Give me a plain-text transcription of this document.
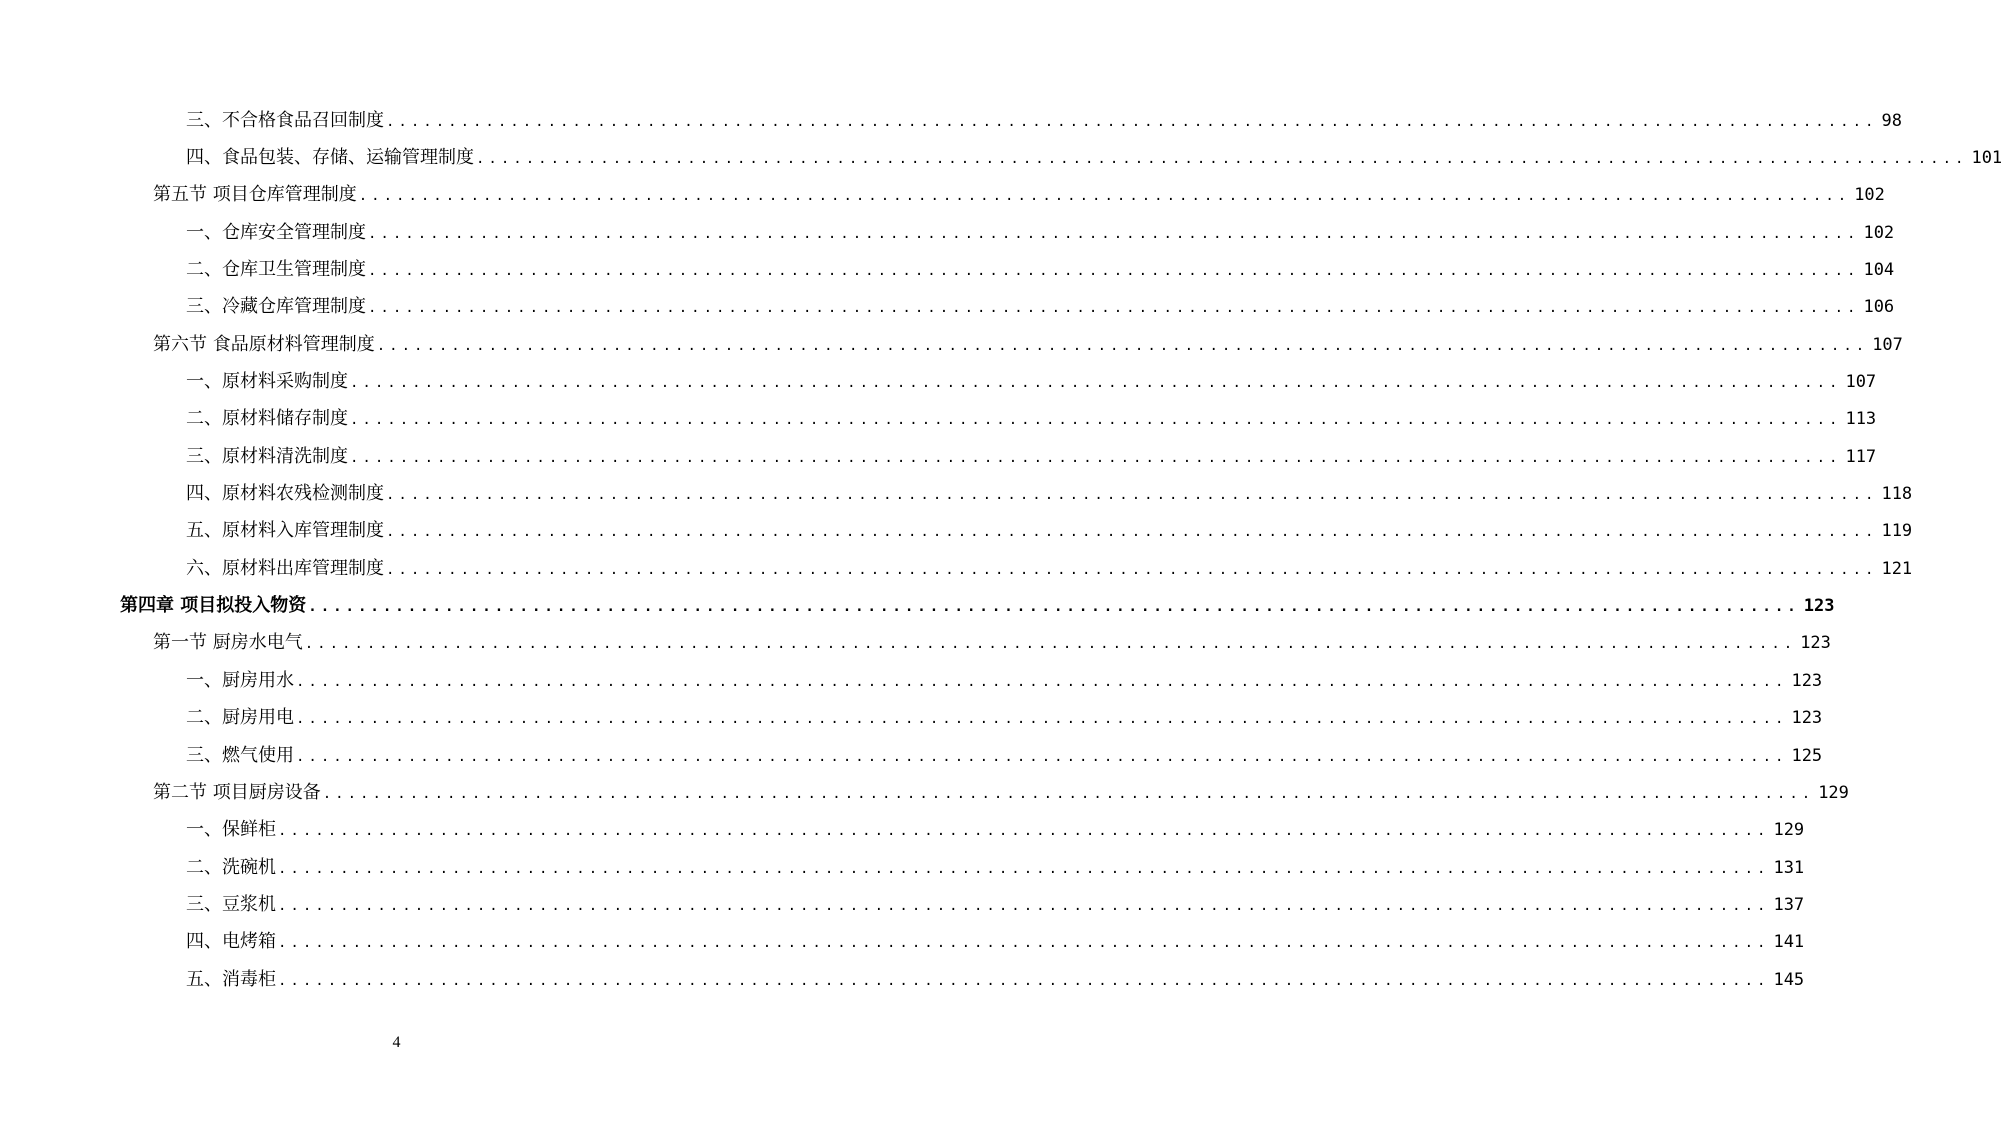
三、不合格食品召回制度 ........................................................................................................................ 98
四、食品包装、存储、运输管理制度 ........................................................................................................................ 101
第五节 项目仓库管理制度 ........................................................................................................................ 102
一、仓库安全管理制度 ........................................................................................................................ 102
二、仓库卫生管理制度 ........................................................................................................................ 104
三、冷藏仓库管理制度 ........................................................................................................................ 106
第六节 食品原材料管理制度 ........................................................................................................................ 107
一、原材料采购制度 ........................................................................................................................ 107
二、原材料储存制度 ........................................................................................................................ 113
三、原材料清洗制度 ........................................................................................................................ 117
四、原材料农残检测制度 ........................................................................................................................ 118
五、原材料入库管理制度 ........................................................................................................................ 119
六、原材料出库管理制度 ........................................................................................................................ 121
第四章 项目拟投入物资 ........................................................................................................................ 123
第一节 厨房水电气 ........................................................................................................................ 123
一、厨房用水 ........................................................................................................................ 123
二、厨房用电 ........................................................................................................................ 123
三、燃气使用 ........................................................................................................................ 125
第二节 项目厨房设备 ........................................................................................................................ 129
一、保鲜柜 ........................................................................................................................ 129
二、洗碗机 ........................................................................................................................ 131
三、豆浆机 ........................................................................................................................ 137
四、电烤箱 ........................................................................................................................ 141
五、消毒柜 ........................................................................................................................ 145
4
